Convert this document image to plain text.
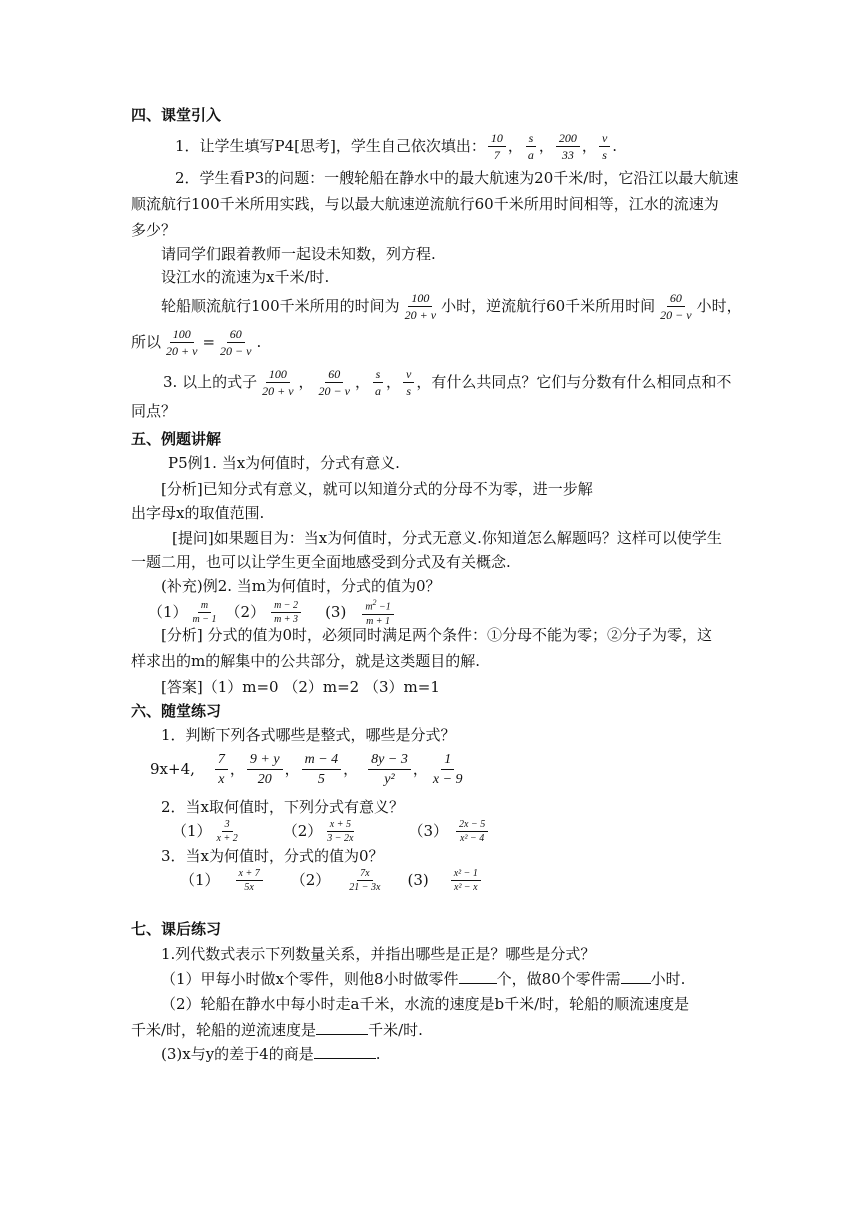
四、课堂引入
1．让学生填写P4[思考]，学生自己依次填出： $\frac{10}{7}$ ， $\frac{s}{a}$ ， $\frac{200}{33}$ ， $\frac{v}{s}$ .
2．学生看P3的问题：一艘轮船在静水中的最大航速为20千米/时，它沿江以最大航速
顺流航行100千米所用实践，与以最大航速逆流航行60千米所用时间相等，江水的流速为
多少？
请同学们跟着教师一起设未知数，列方程.
设江水的流速为x千米/时.
轮船顺流航行100千米所用的时间为 $\frac{100}{20 + v}$ 小时，逆流航行60千米所用时间 $\frac{60}{20 - v}$ 小时，
所以 $\frac{100}{20 + v} = \frac{60}{20 - v}$ .
3. 以上的式子 $\frac{100}{20 + v}$ ， $\frac{60}{20 - v}$ ， $\frac{s}{a}$ ， $\frac{v}{s}$ ，有什么共同点？它们与分数有什么相同点和不
同点？
五、例题讲解
P5例1. 当x为何值时，分式有意义.
[分析]已知分式有意义，就可以知道分式的分母不为零，进一步解
出字母x的取值范围.
[提问]如果题目为：当x为何值时，分式无意义.你知道怎么解题吗？这样可以使学生
一题二用，也可以让学生更全面地感受到分式及有关概念.
(补充)例2. 当m为何值时，分式的值为0？
$(1) \frac{m}{m - 1} (2) \frac{m - 2}{m + 3} (3) \frac{m^2 -1}{m + 1}$
[分析] 分式的值为0时，必须同时满足两个条件：①分母不能为零；②分子为零，这
样求出的m的解集中的公共部分，就是这类题目的解.
[答案]（1）m=0 （2）m=2 （3）m=1
六、随堂练习
1．判断下列各式哪些是整式，哪些是分式？
9x+4, $\frac{7}{x}$ ， $\frac{9 + y}{20}$ ， $\frac{m - 4}{5}$ ， $\frac{8y - 3}{\text{y²}}$ ， $\frac{1}{x - 9}$
2．当x取何值时，下列分式有意义？
$(1) \frac{3}{x + 2}$	$(2) \frac{x + 5}{3 - 2x}$	$(3) \frac{2x - 5}{\text{x² − 4}}$
3．当x为何值时，分式的值为0？
$(1) \frac{x + 7}{5x} (2) \frac{7x}{21 - 3x} (3) \frac{\text{x² − 1}}{\text{x² − x}}$
七、课后练习
1.列代数式表示下列数量关系，并指出哪些是正是？哪些是分式？
（1）甲每小时做x个零件，则他8小时做零件	个，做80个零件需 小时.
（2）轮船在静水中每小时走a千米，水流的速度是b千米/时，轮船的顺流速度是
千米/时，轮船的逆流速度是	千米/时.
(3)x与y的差于4的商是	.
